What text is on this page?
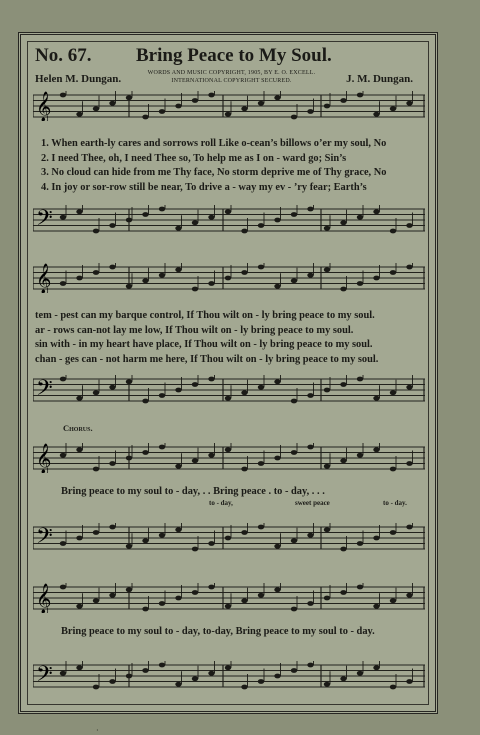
No. 67. Bring Peace to My Soul.
Helen M. Dungan.	WORDS AND MUSIC COPYRIGHT, 1905, BY E. O. EXCELL.
INTERNATIONAL COPYRIGHT SECURED.	J. M. Dungan.
𝄞
1. When earth-ly cares and sorrows roll Like o-cean’s billows o’er my soul, No
2. I need Thee, oh, I need Thee so, To help me as I on - ward go; Sin’s
3. No cloud can hide from me Thy face, No storm deprive me of Thy grace, No
4. In joy or sor-row still be near, To drive a - way my ev - ’ry fear; Earth’s
𝄢
𝄞
tem - pest can my barque control, If Thou wilt on - ly bring peace to my soul.
ar - rows can-not lay me low, If Thou wilt on - ly bring peace to my soul.
sin with - in my heart have place, If Thou wilt on - ly bring peace to my soul.
chan - ges can - not harm me here, If Thou wilt on - ly bring peace to my soul.
𝄢
Chorus.
𝄞
Bring peace to my soul to - day, . . Bring peace . to - day, . . .
to - day,	sweet peace	to - day.
𝄢
𝄞
Bring peace to my soul to - day, to-day, Bring peace to my soul to - day.
𝄢
·
